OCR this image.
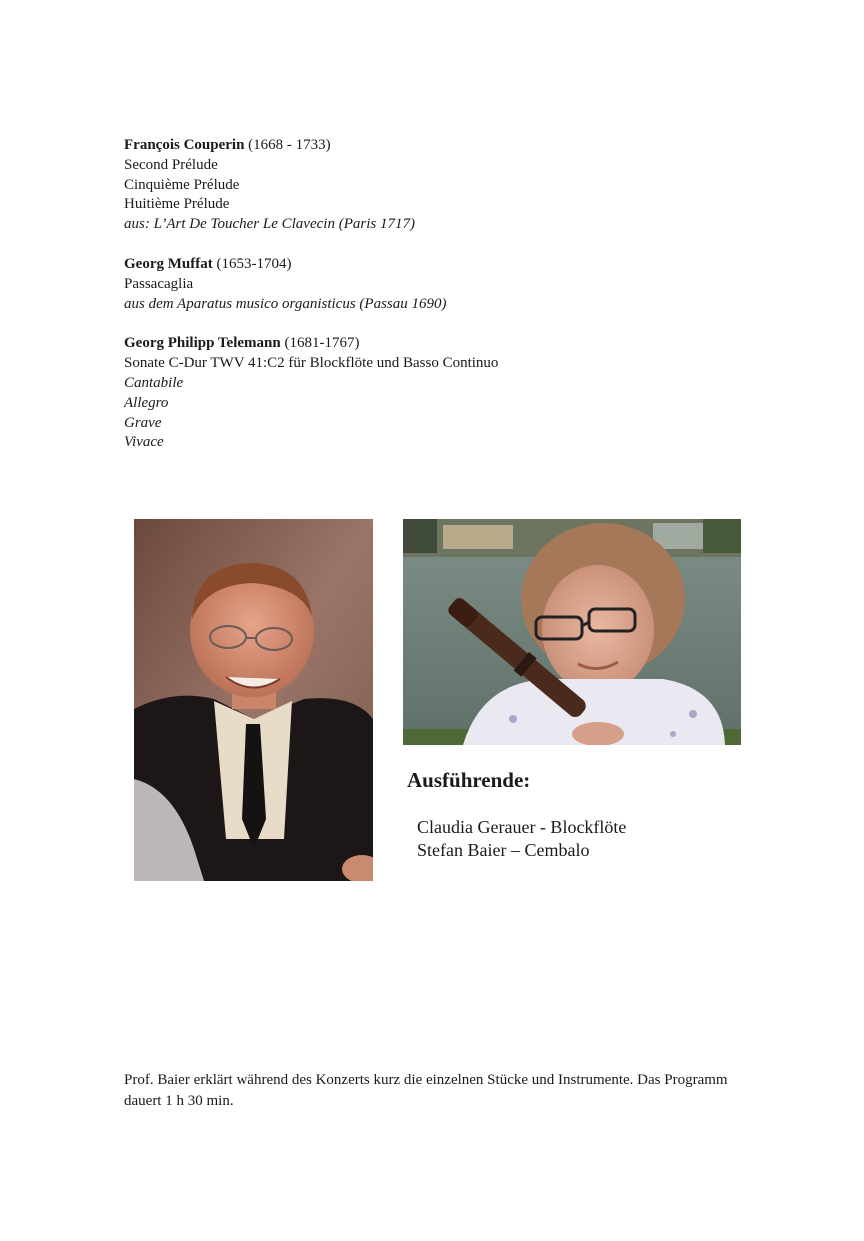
François Couperin (1668 - 1733)
Second Prélude
Cinquième Prélude
Huitième Prélude
aus: L’Art De Toucher Le Clavecin (Paris 1717)
Georg Muffat (1653-1704)
Passacaglia
aus dem Aparatus musico organisticus (Passau 1690)
Georg Philipp Telemann (1681-1767)
Sonate C-Dur TWV 41:C2 für Blockflöte und Basso Continuo
Cantabile
Allegro
Grave
Vivace
Ausführende:
Claudia Gerauer - Blockflöte
Stefan Baier – Cembalo
Prof. Baier erklärt während des Konzerts kurz die einzelnen Stücke und Instrumente. Das Programm dauert 1 h 30 min.
